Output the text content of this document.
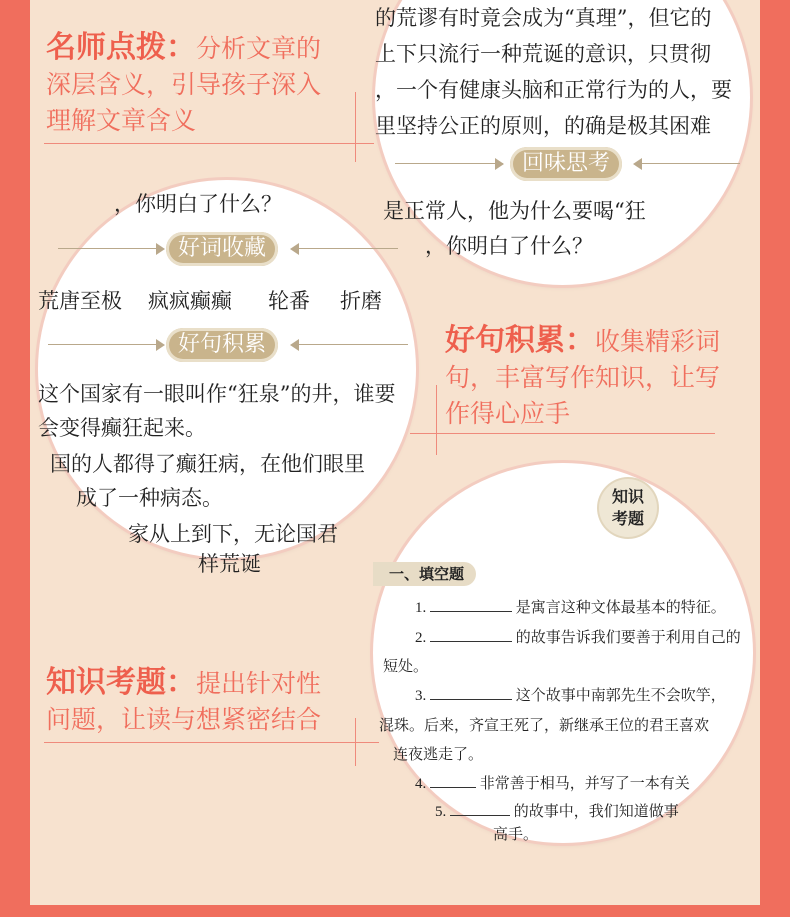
名师点拨：分析文章的
深层含义，引导孩子深入
理解文章含义
的荒谬有时竟会成为“真理”，但它的
上下只流行一种荒诞的意识，只贯彻
，一个有健康头脑和正常行为的人，要
里坚持公正的原则，的确是极其困难
回味思考
是正常人，他为什么要喝“狂
，你明白了什么？
，你明白了什么？
好词收藏
荒唐至极 疯疯癫癫 轮番 折磨
好句积累
这个国家有一眼叫作“狂泉”的井，谁要
会变得癫狂起来。
国的人都得了癫狂病，在他们眼里
成了一种病态。
家从上到下，无论国君
样荒诞
好句积累：收集精彩词
句，丰富写作知识，让写
作得心应手
知识
考题
一、填空题
1.	是寓言这种文体最基本的特征。
2.	的故事告诉我们要善于利用自己的
短处。
3.	这个故事中南郭先生不会吹竽，
混珠。后来，齐宣王死了，新继承王位的君王喜欢
连夜逃走了。
4.	非常善于相马，并写了一本有关
5.	的故事中，我们知道做事
高手。
知识考题：提出针对性
问题，让读与想紧密结合
